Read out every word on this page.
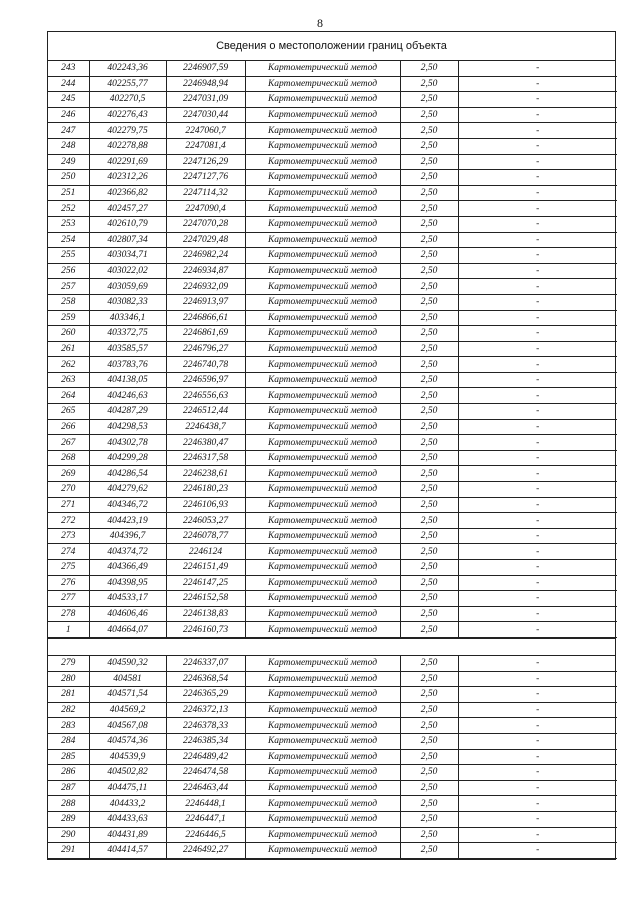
8
Сведения о местоположении границ объекта
243	402243,36	2246907,59	Картометрический метод	2,50	-
244	402255,77	2246948,94	Картометрический метод	2,50	-
245	402270,5	2247031,09	Картометрический метод	2,50	-
246	402276,43	2247030,44	Картометрический метод	2,50	-
247	402279,75	2247060,7	Картометрический метод	2,50	-
248	402278,88	2247081,4	Картометрический метод	2,50	-
249	402291,69	2247126,29	Картометрический метод	2,50	-
250	402312,26	2247127,76	Картометрический метод	2,50	-
251	402366,82	2247114,32	Картометрический метод	2,50	-
252	402457,27	2247090,4	Картометрический метод	2,50	-
253	402610,79	2247070,28	Картометрический метод	2,50	-
254	402807,34	2247029,48	Картометрический метод	2,50	-
255	403034,71	2246982,24	Картометрический метод	2,50	-
256	403022,02	2246934,87	Картометрический метод	2,50	-
257	403059,69	2246932,09	Картометрический метод	2,50	-
258	403082,33	2246913,97	Картометрический метод	2,50	-
259	403346,1	2246866,61	Картометрический метод	2,50	-
260	403372,75	2246861,69	Картометрический метод	2,50	-
261	403585,57	2246796,27	Картометрический метод	2,50	-
262	403783,76	2246740,78	Картометрический метод	2,50	-
263	404138,05	2246596,97	Картометрический метод	2,50	-
264	404246,63	2246556,63	Картометрический метод	2,50	-
265	404287,29	2246512,44	Картометрический метод	2,50	-
266	404298,53	2246438,7	Картометрический метод	2,50	-
267	404302,78	2246380,47	Картометрический метод	2,50	-
268	404299,28	2246317,58	Картометрический метод	2,50	-
269	404286,54	2246238,61	Картометрический метод	2,50	-
270	404279,62	2246180,23	Картометрический метод	2,50	-
271	404346,72	2246106,93	Картометрический метод	2,50	-
272	404423,19	2246053,27	Картометрический метод	2,50	-
273	404396,7	2246078,77	Картометрический метод	2,50	-
274	404374,72	2246124	Картометрический метод	2,50	-
275	404366,49	2246151,49	Картометрический метод	2,50	-
276	404398,95	2246147,25	Картометрический метод	2,50	-
277	404533,17	2246152,58	Картометрический метод	2,50	-
278	404606,46	2246138,83	Картометрический метод	2,50	-
1	404664,07	2246160,73	Картометрический метод	2,50	-
279	404590,32	2246337,07	Картометрический метод	2,50	-
280	404581	2246368,54	Картометрический метод	2,50	-
281	404571,54	2246365,29	Картометрический метод	2,50	-
282	404569,2	2246372,13	Картометрический метод	2,50	-
283	404567,08	2246378,33	Картометрический метод	2,50	-
284	404574,36	2246385,34	Картометрический метод	2,50	-
285	404539,9	2246489,42	Картометрический метод	2,50	-
286	404502,82	2246474,58	Картометрический метод	2,50	-
287	404475,11	2246463,44	Картометрический метод	2,50	-
288	404433,2	2246448,1	Картометрический метод	2,50	-
289	404433,63	2246447,1	Картометрический метод	2,50	-
290	404431,89	2246446,5	Картометрический метод	2,50	-
291	404414,57	2246492,27	Картометрический метод	2,50	-
